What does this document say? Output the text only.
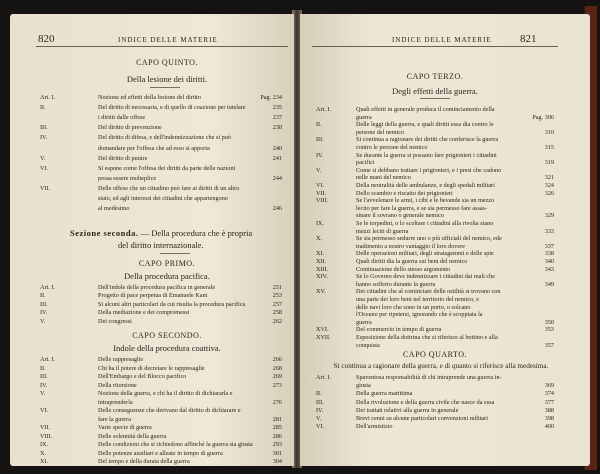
820	INDICE DELLE MATERIE
CAPO QUINTO.
Della lesione dei diritti.
Art. I.	Nozione ed effetti della lesione del diritto	Pag. 234
II.	Del diritto di necessaria, e di quello di coazione per tutelare	235
i diritti dalle offese	237
III.	Del diritto di prevenzione	238
IV.	Del diritto di difesa, e dell'indennizzazione che si può
domandare per l'offesa che ad esso si apporta	240
V.	Del diritto di punire	241
VI.	Si espone come l'offesa dei diritti da parte delle nazioni
possa essere molteplice	244
VII.	Delle offese che un cittadino può fare ai diritti di un altro
stato, ed agli interessi dei cittadini che appartengono
al medesimo	246
Sezione seconda. — Della procedura che è propria
del diritto internazionale.
CAPO PRIMO.
Della procedura pacifica.
Art. I.	Dell'indole della procedura pacifica in generale	251
II.	Progetto di pace perpetua di Emanuele Kant	253
III.	Si alcuni altri particolari da cui risulta la procedura pacifica	257
IV.	Della mediazione e dei compromessi	258
V.	Dei congressi	262
CAPO SECONDO.
Indole della procedura coattiva.
Art. I.	Delle rappresaglie	266
II.	Chi ha il potere di decretare le rappresaglie	268
III.	Dell'Embargo e del Blocco pacifico	269
IV.	Della ritorsione	273
V.	Nozione della guerra, e chi ha il diritto di dichiararla e
intraprenderla	276
VI.	Delle conseguenze che derivano dal diritto di dichiarare e
fare la guerra	281
VII.	Varie specie di guerra	285
VIII.	Delle solennità della guerra	286
IX.	Delle condizioni che si richiedono affinchè la guerra sia giusta	293
X.	Delle potenze ausiliari e alleate in tempo di guerra	301
XI.	Del tempo e della durata della guerra	304
INDICE DELLE MATERIE	821
CAPO TERZO.
Degli effetti della guerra.
Art. I.	Quali effetti in generale produca il cominciamento della
guerra	Pag. 306
II.	Delle leggi della guerra, e quali diritti essa dia contro le
persone del nemico	310
III.	Si continua a ragionare dei diritti che conferisce la guerra
contro le persone del nemico	315
IV.	Se durante la guerra si possano fare prigionieri i cittadini
pacifici	319
V.	Come si debbano trattare i prigionieri, e i presi che cadono
nelle mani del nemico	321
VI.	Della neutralità delle ambulanze, e degli spedali militari	324
VII.	Dello scambio e riscatto dei prigionieri	326
VIII.	Se l'avvelenare le armi, i cibi e le bevande sia un mezzo
lecito per fare la guerra, e se sia permesso fare assas-
sinare il sovrano o generale nemico	329
IX.	Se le torpedini, o lo scoltare i cittadini alla rivolta siano
mezzi leciti di guerra	333
X.	Se sia permesso sedurre uno o più ufficiali del nemico, ede
tradimento a nostro vantaggio il loro dovere	337
XI.	Delle operazioni militari, degli stratagemmi e delle spie	338
XII.	Quali diritti dia la guerra sui beni del nemico	340
XIII.	Continuazione dello stesso argomento	343
XIV.	Se lo Governo deve indennizzare i cittadini dai mali che
hanno sofferto durante la guerra	349
XV.	Dei cittadini che al cominciare delle ostilità si trovano con
una parte dei loro beni nel territorio del nemico, e
delle navi loro che sono in un porto, o solcano
l'Oceano per ripetersi, ignorando che è scoppiata la
guerra	350
XVI.	Del commercio in tempo di guerra	353
XVII.	Esposizione della dottrina che si riferisce al bottino e alla
conquista	357
CAPO QUARTO.
Si continua a ragionare della guerra, e di quanto si riferisce alla medesima.
Art. I.	Spaventosa responsabilità di chi intraprende una guerra in-
giusta	369
II.	Della guerra marittima	374
III.	Della rivoluzione e della guerra civile che nasce da essa	377
IV.	Dei trattati relativi alla guerra in generale	388
V.	Brevi cenni su alcune particolari convenzioni militari	398
VI.	Dell'armistizio	400
